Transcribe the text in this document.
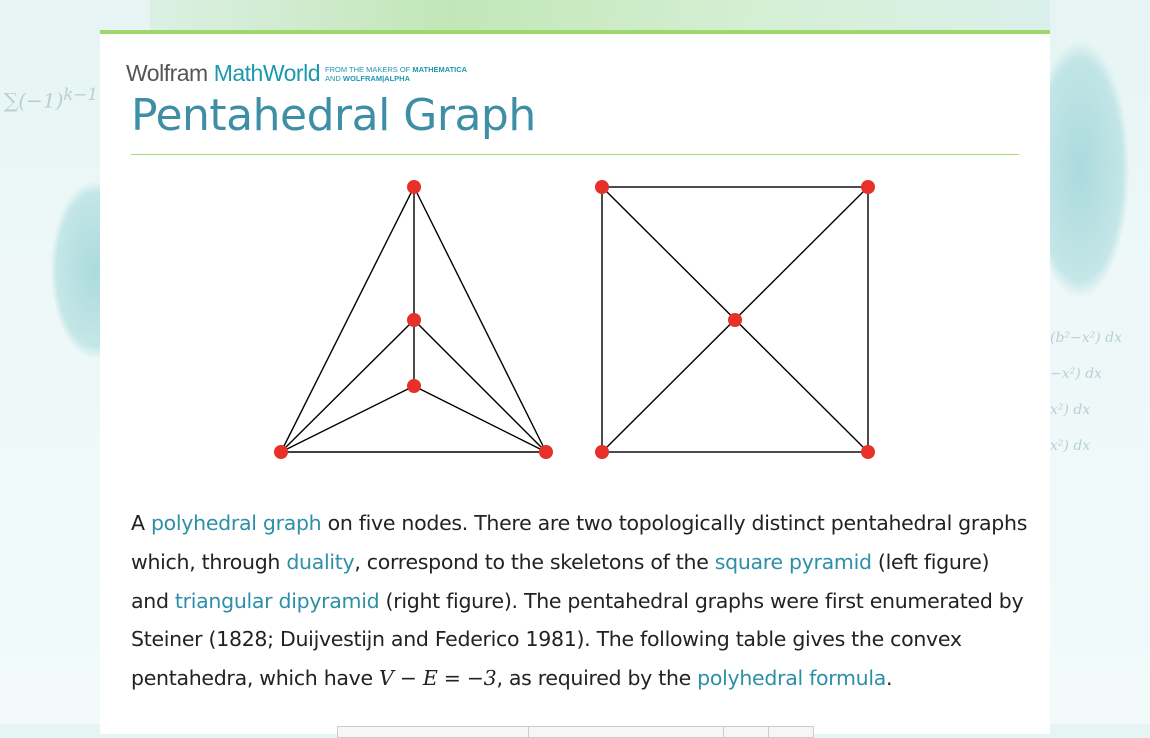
$\sum(-1)^{k-1}$
(b²−x²) dx
−x²) dx
x²) dx
x²) dx
Wolfram MathWorld FROM THE MAKERS OF MATHEMATICA
AND WOLFRAM|ALPHA
Pentahedral Graph

A polyhedral graph on five nodes. There are two topologically distinct pentahedral graphs which, through duality, correspond to the skeletons of the square pyramid (left figure) and triangular dipyramid (right figure). The pentahedral graphs were first enumerated by Steiner (1828; Duijvestijn and Federico 1981). The following table gives the convex pentahedra, which have V − E = −3, as required by the polyhedral formula.
